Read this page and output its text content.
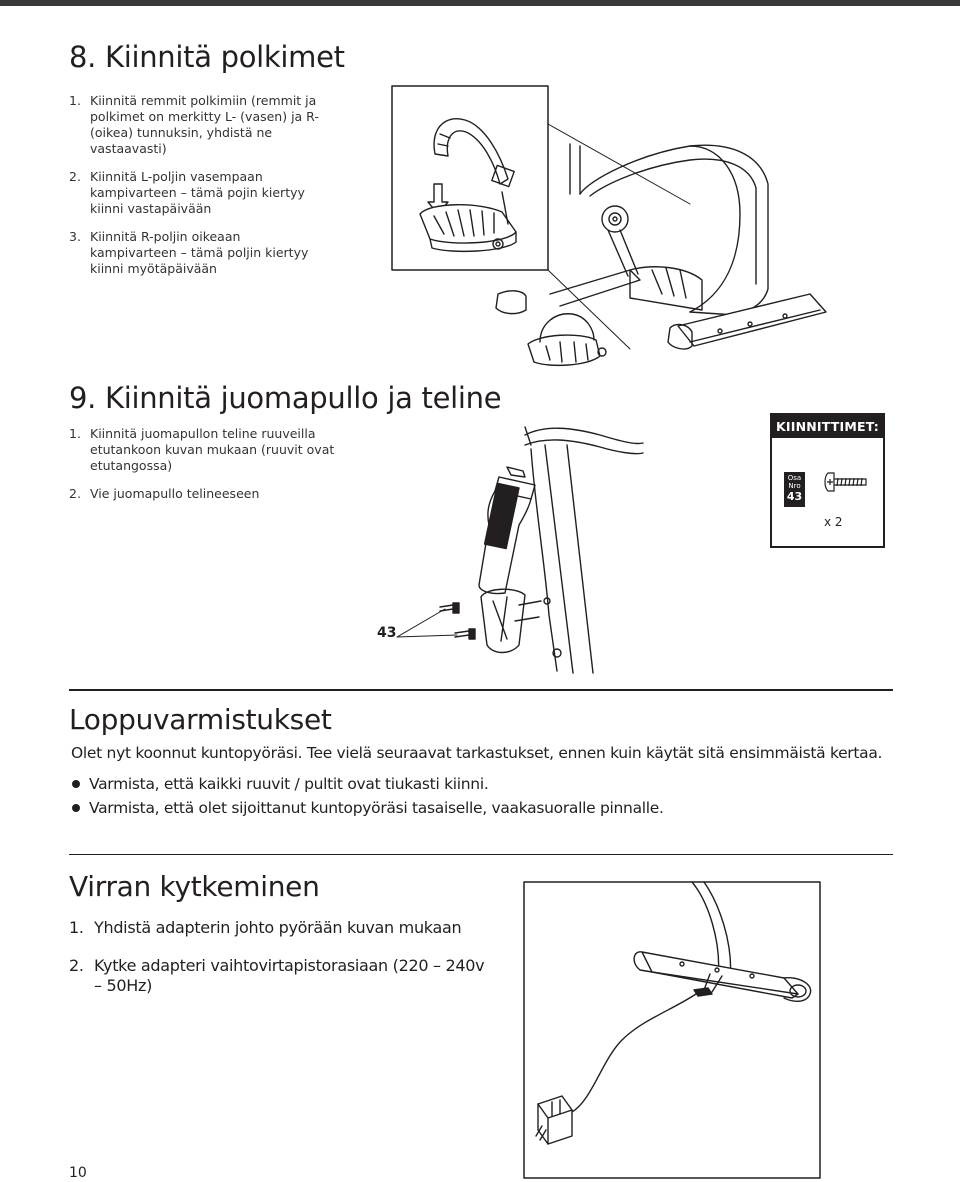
8. Kiinnitä polkimet
1. Kiinnitä remmit polkimiin (remmit ja polkimet on merkitty L- (vasen) ja R- (oikea) tunnuksin, yhdistä ne vastaavasti)
2. Kiinnitä L-poljin vasempaan kampivarteen – tämä pojin kiertyy kiinni vastapäivään
3. Kiinnitä R-poljin oikeaan kampivarteen – tämä poljin kiertyy kiinni myötäpäivään
9. Kiinnitä juomapullo ja teline
1. Kiinnitä juomapullon teline ruuveilla etutankoon kuvan mukaan (ruuvit ovat etutangossa)
2. Vie juomapullo telineeseen
43
KIINNITTIMET:
Osa
Nro
43
x 2
Loppuvarmistukset

Olet nyt koonnut kuntopyöräsi. Tee vielä seuraavat tarkastukset, ennen kuin käytät sitä ensimmäistä kertaa.

Varmista, että kaikki ruuvit / pultit ovat tiukasti kiinni.
Varmista, että olet sijoittanut kuntopyöräsi tasaiselle, vaakasuoralle pinnalle.
Virran kytkeminen
1. Yhdistä adapterin johto pyörään kuvan mukaan
2. Kytke adapteri vaihtovirtapistorasiaan (220 – 240v – 50Hz)
10
